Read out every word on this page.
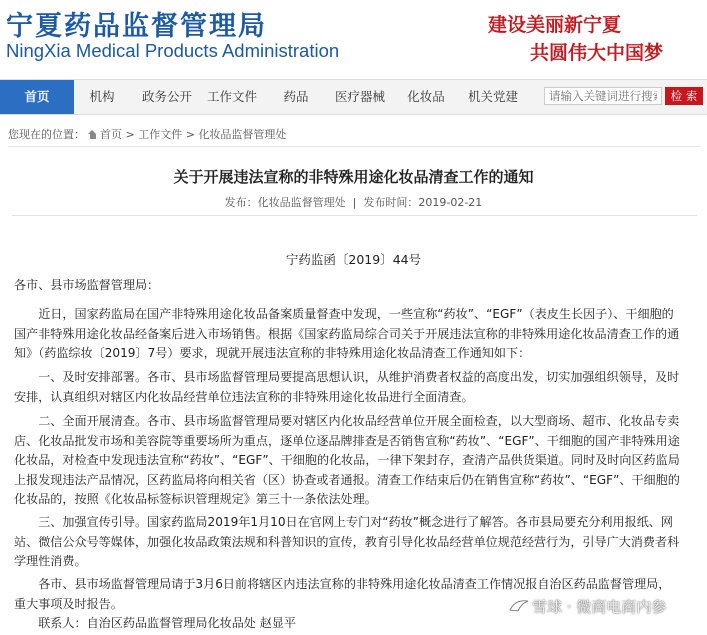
宁夏药品监督管理局
NingXia Medical Products Administration
建设美丽新宁夏
共圆伟大中国梦
首页	机构	政务公开	工作文件	药品	医疗器械	化妆品	机关党建
请输入关键词进行搜索	检 索
您现在的位置： 首页 > 工作文件 > 化妆品监督管理处
关于开展违法宣称的非特殊用途化妆品清查工作的通知
发布：化妆品监督管理处  |  发布时间：2019-02-21
宁药监函〔2019〕44号
各市、县市场监督管理局：
　　近日，国家药监局在国产非特殊用途化妆品备案质量督查中发现，一些宣称“药妆”、“EGF”（表皮生长因子）、干细胞的
国产非特殊用途化妆品经备案后进入市场销售。根据《国家药监局综合司关于开展违法宣称的非特殊用途化妆品清查工作的通
知》（药监综妆〔2019〕7号）要求，现就开展违法宣称的非特殊用途化妆品清查工作通知如下：
　　一、及时安排部署。各市、县市场监督管理局要提高思想认识，从维护消费者权益的高度出发，切实加强组织领导，及时
安排，认真组织对辖区内化妆品经营单位违法宣称的非特殊用途化妆品进行全面清查。
　　二、全面开展清查。各市、县市场监督管理局要对辖区内化妆品经营单位开展全面检查，以大型商场、超市、化妆品专卖
店、化妆品批发市场和美容院等重要场所为重点，逐单位逐品牌排查是否销售宣称“药妆”、“EGF”、干细胞的国产非特殊用途
化妆品，对检查中发现违法宣称“药妆”、“EGF”、干细胞的化妆品，一律下架封存，查清产品供货渠道。同时及时向区药监局
上报发现违法产品情况，区药监局将向相关省（区）协查或者通报。清查工作结束后仍在销售宣称“药妆”、“EGF”、干细胞的
化妆品的，按照《化妆品标签标识管理规定》第三十一条依法处理。
　　三、加强宣传引导。国家药监局2019年1月10日在官网上专门对“药妆”概念进行了解答。各市县局要充分利用报纸、网
站、微信公众号等媒体，加强化妆品政策法规和科普知识的宣传，教育引导化妆品经营单位规范经营行为，引导广大消费者科
学理性消费。
　　各市、县市场监督管理局请于3月6日前将辖区内违法宣称的非特殊用途化妆品清查工作情况报自治区药品监督管理局，
重大事项及时报告。
　　联系人：自治区药品监督管理局化妆品处 赵显平
雪球 · 微商电商内参
